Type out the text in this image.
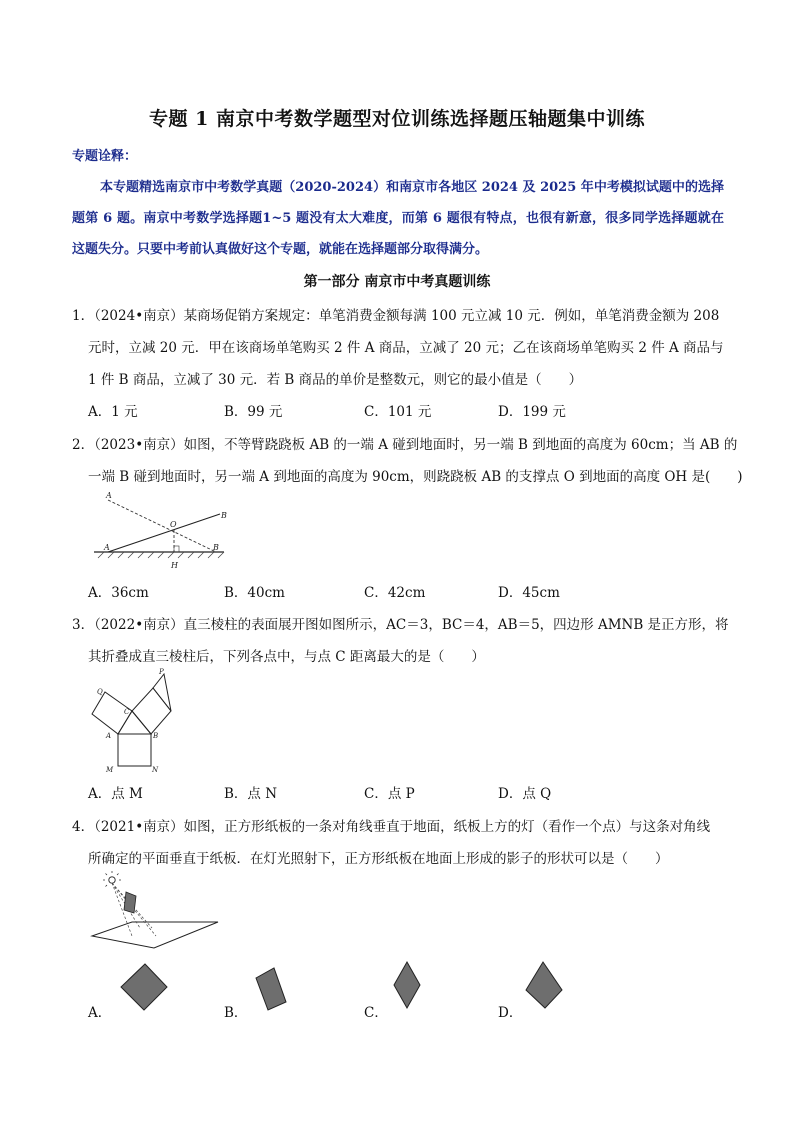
专题 1 南京中考数学题型对位训练选择题压轴题集中训练
专题诠释：
本专题精选南京市中考数学真题（2020-2024）和南京市各地区 2024 及 2025 年中考模拟试题中的选择题第 6 题。南京中考数学选择题1~5 题没有太大难度，而第 6 题很有特点，也很有新意，很多同学选择题就在这题失分。只要中考前认真做好这个专题，就能在选择题部分取得满分。
第一部分 南京市中考真题训练
1．（2024•南京）某商场促销方案规定：单笔消费金额每满 100 元立减 10 元．例如，单笔消费金额为 208
元时，立减 20 元．甲在该商场单笔购买 2 件 A 商品，立减了 20 元；乙在该商场单笔购买 2 件 A 商品与
1 件 B 商品，立减了 30 元．若 B 商品的单价是整数元，则它的最小值是（　　）
A．1 元	B．99 元	C．101 元	D．199 元
2．（2023•南京）如图，不等臂跷跷板 AB 的一端 A 碰到地面时，另一端 B 到地面的高度为 60cm；当 AB 的
一端 B 碰到地面时，另一端 A 到地面的高度为 90cm，则跷跷板 AB 的支撑点 O 到地面的高度 OH 是(　　)
A
B
O
A
H
B
A．36cm	B．40cm	C．42cm	D．45cm
3．（2022•南京）直三棱柱的表面展开图如图所示，AC＝3，BC＝4，AB＝5，四边形 AMNB 是正方形，将
其折叠成直三棱柱后，下列各点中，与点 C 距离最大的是（　　）
P
Q
C
A	B
M	N
A．点 M	B．点 N	C．点 P	D．点 Q
4．（2021•南京）如图，正方形纸板的一条对角线垂直于地面，纸板上方的灯（看作一个点）与这条对角线
所确定的平面垂直于纸板．在灯光照射下，正方形纸板在地面上形成的影子的形状可以是（　　）
A．	B．	C．	D．
